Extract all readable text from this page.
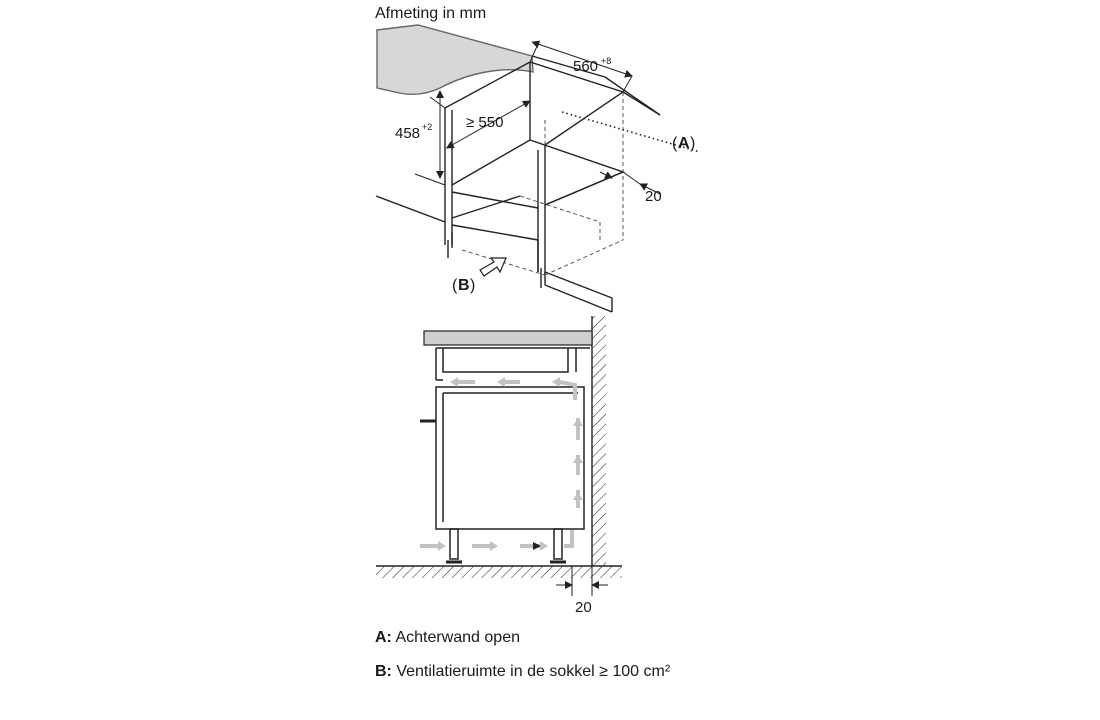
Afmeting in mm
560 +8
≥ 550
458 +2
20
( A )
( B )
20
A: Achterwand open
B: Ventilatieruimte in de sokkel ≥ 100 cm²
